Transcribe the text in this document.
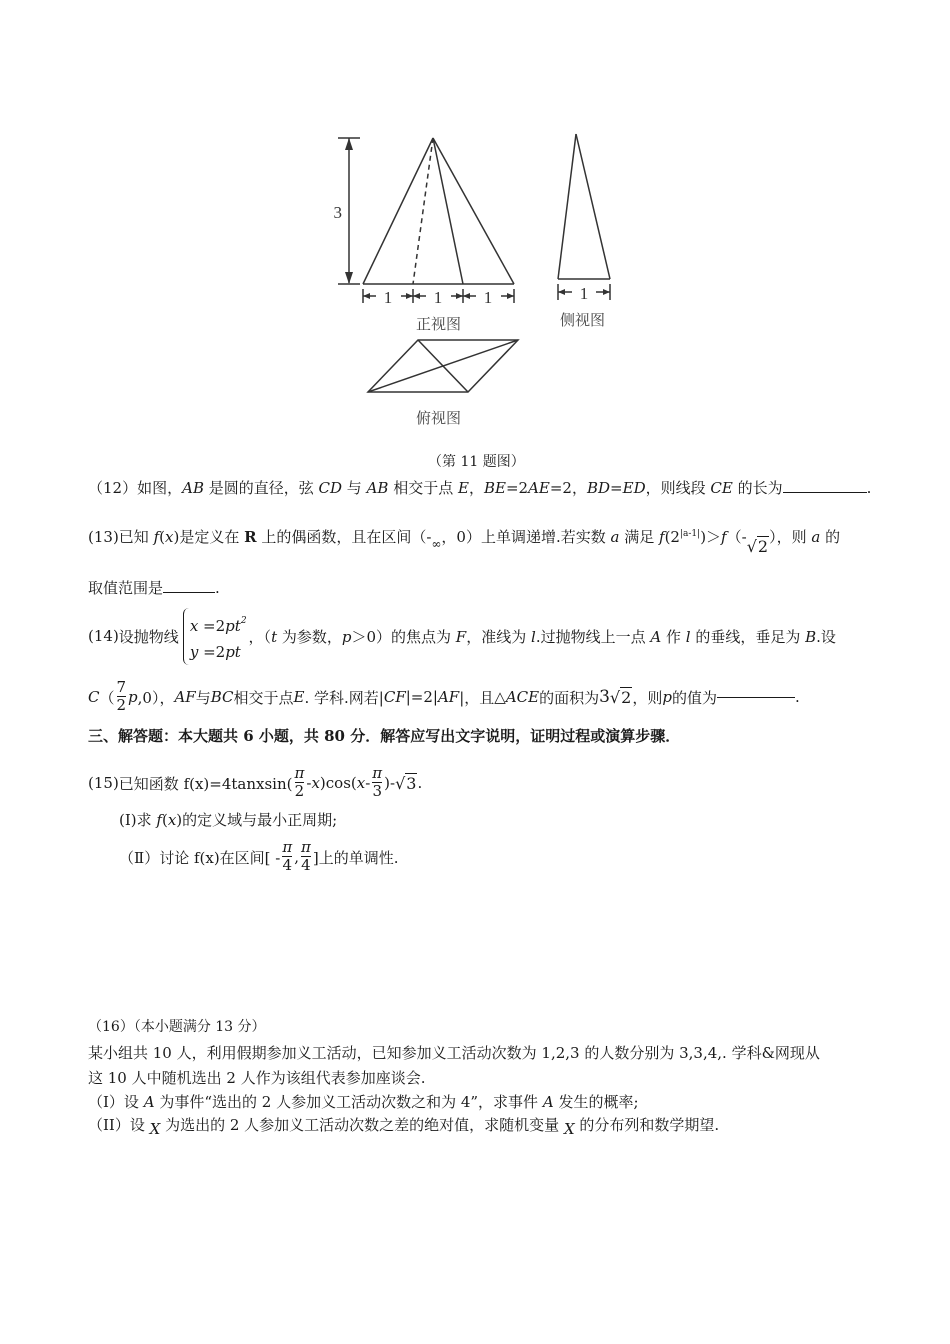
3
1 1 1	1
正视图	侧视图
俯视图
（第 11 题图）
（12）如图，AB 是圆的直径，弦 CD 与 AB 相交于点 E，BE=2AE=2，BD=ED，则线段 CE 的长为	.
(13)已知 f(x)是定义在 R 上的偶函数，且在区间（$-_\infty$，0）上单调递增.若实数 a 满足 $f(2^{|a-1|})>f(-√2)$，则 a 的
取值范围是	.
(14) 设抛物线
$x =2pt^2$
y =2pt
，（t 为参数，p＞0）的焦点为 F，准线为 l.过抛物线上一点 A 作 l 的垂线，垂足为 B.设
C （ $\frac{7}{2}$ p ,0）， AF 与 BC 相交于点 E . 学科.网若| CF |=2| AF |，且 △ACE 的面积为 3 √2 ，则 p 的值为	.
三、解答题：本大题共 6 小题，共 80 分．解答应写出文字说明，证明过程或演算步骤．
(15) 已知函数 f(x)=4tanxsin( $\frac{\pi}{2}$ - x )cos( x - $\frac{\pi}{3}$ )- √3 .
(Ⅰ)求 f(x)的定义域与最小正周期;
（Ⅱ）讨论 f(x)在区间[ - $\frac{\pi}{4}$ , $\frac{\pi}{4}$ ]上的单调性.
（16）（本小题满分 13 分）
某小组共 10 人，利用假期参加义工活动，已知参加义工活动次数为 1,2,3 的人数分别为 3,3,4,. 学科&网现从
这 10 人中随机选出 2 人作为该组代表参加座谈会.
（I）设 A 为事件“选出的 2 人参加义工活动次数之和为 4”，求事件 A 发生的概率;
（II）设 X 为选出的 2 人参加义工活动次数之差的绝对值，求随机变量 X 的分布列和数学期望.
